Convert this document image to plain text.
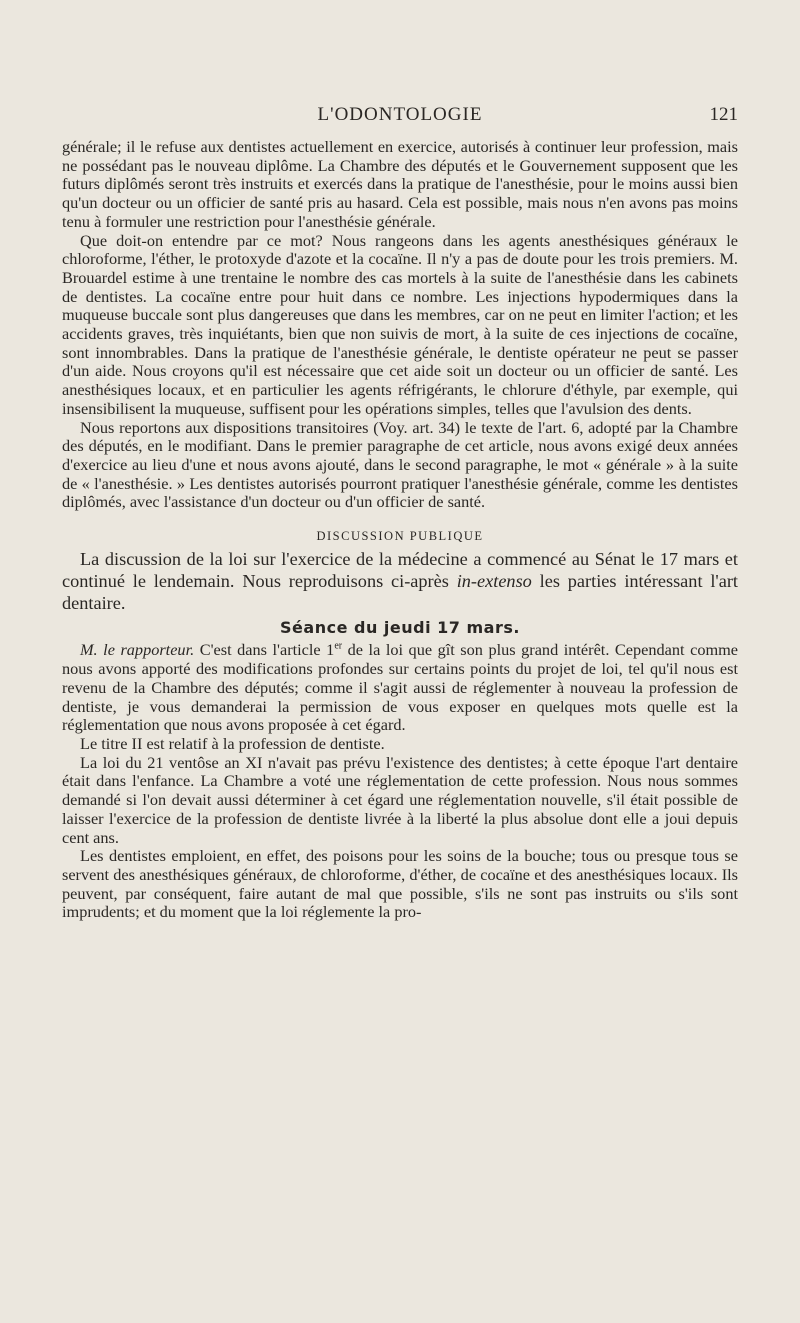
L'ODONTOLOGIE	121

générale; il le refuse aux dentistes actuellement en exercice, autorisés à continuer leur profession, mais ne possédant pas le nouveau diplôme. La Chambre des députés et le Gouvernement supposent que les futurs diplômés seront très instruits et exercés dans la pratique de l'anesthésie, pour le moins aussi bien qu'un docteur ou un officier de santé pris au hasard. Cela est possible, mais nous n'en avons pas moins tenu à formuler une restriction pour l'anesthésie générale.

Que doit-on entendre par ce mot? Nous rangeons dans les agents anesthésiques généraux le chloroforme, l'éther, le protoxyde d'azote et la cocaïne. Il n'y a pas de doute pour les trois premiers. M. Brouardel estime à une trentaine le nombre des cas mortels à la suite de l'anesthésie dans les cabinets de dentistes. La cocaïne entre pour huit dans ce nombre. Les injections hypodermiques dans la muqueuse buccale sont plus dangereuses que dans les membres, car on ne peut en limiter l'action; et les accidents graves, très inquiétants, bien que non suivis de mort, à la suite de ces injections de cocaïne, sont innombrables. Dans la pratique de l'anesthésie générale, le dentiste opérateur ne peut se passer d'un aide. Nous croyons qu'il est nécessaire que cet aide soit un docteur ou un officier de santé. Les anesthésiques locaux, et en particulier les agents réfrigérants, le chlorure d'éthyle, par exemple, qui insensibilisent la muqueuse, suffisent pour les opérations simples, telles que l'avulsion des dents.

Nous reportons aux dispositions transitoires (Voy. art. 34) le texte de l'art. 6, adopté par la Chambre des députés, en le modifiant. Dans le premier paragraphe de cet article, nous avons exigé deux années d'exercice au lieu d'une et nous avons ajouté, dans le second paragraphe, le mot « générale » à la suite de « l'anesthésie. » Les dentistes autorisés pourront pratiquer l'anesthésie générale, comme les dentistes diplômés, avec l'assistance d'un docteur ou d'un officier de santé.

DISCUSSION PUBLIQUE

La discussion de la loi sur l'exercice de la médecine a commencé au Sénat le 17 mars et continué le lendemain. Nous reproduisons ci-après in-extenso les parties intéressant l'art dentaire.

Séance du jeudi 17 mars.

M. le rapporteur. C'est dans l'article 1er de la loi que gît son plus grand intérêt. Cependant comme nous avons apporté des modifications profondes sur certains points du projet de loi, tel qu'il nous est revenu de la Chambre des députés; comme il s'agit aussi de réglementer à nouveau la profession de dentiste, je vous demanderai la permission de vous exposer en quelques mots quelle est la réglementation que nous avons proposée à cet égard.

Le titre II est relatif à la profession de dentiste.

La loi du 21 ventôse an XI n'avait pas prévu l'existence des dentistes; à cette époque l'art dentaire était dans l'enfance. La Chambre a voté une réglementation de cette profession. Nous nous sommes demandé si l'on devait aussi déterminer à cet égard une réglementation nouvelle, s'il était possible de laisser l'exercice de la profession de dentiste livrée à la liberté la plus absolue dont elle a joui depuis cent ans.

Les dentistes emploient, en effet, des poisons pour les soins de la bouche; tous ou presque tous se servent des anesthésiques généraux, de chloroforme, d'éther, de cocaïne et des anesthésiques locaux. Ils peuvent, par conséquent, faire autant de mal que possible, s'ils ne sont pas instruits ou s'ils sont imprudents; et du moment que la loi réglemente la pro-
